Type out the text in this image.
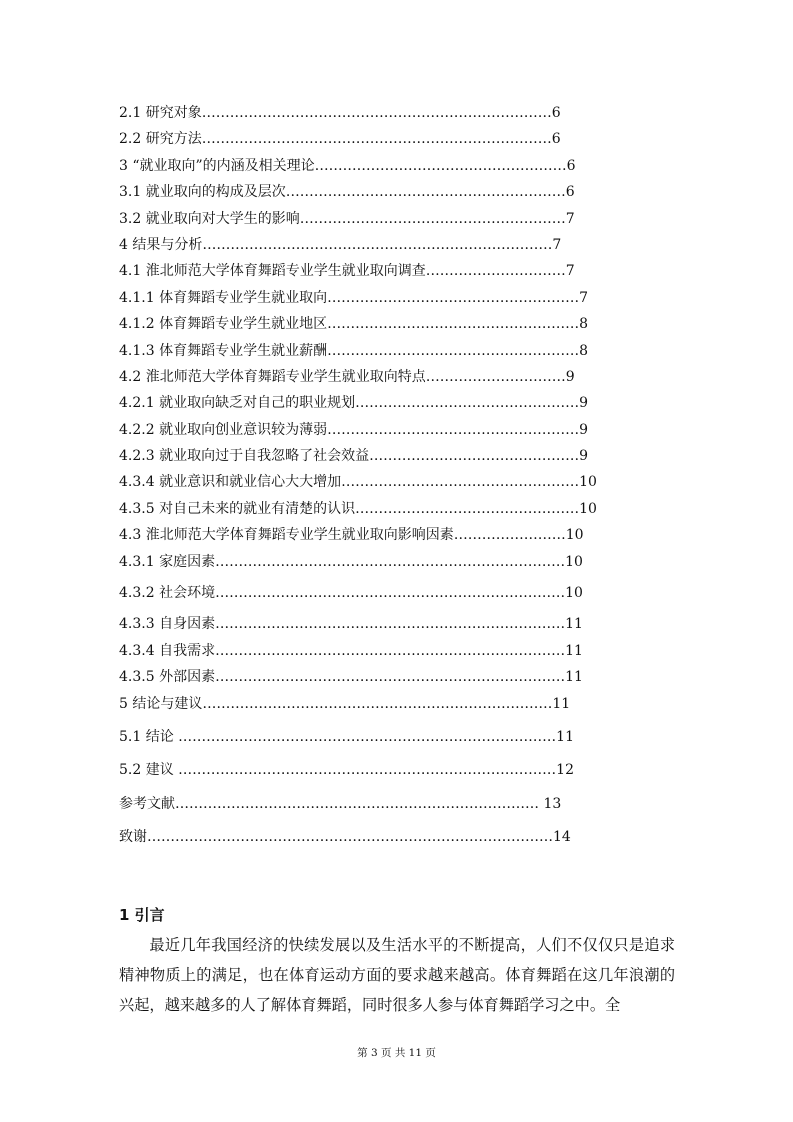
2.1 研究对象…………………………………………………………………6
2.2 研究方法…………………………………………………………………6
3 “就业取向”的内涵及相关理论………………………………………………6
3.1 就业取向的构成及层次……………………………………………………6
3.2 就业取向对大学生的影响…………………………………………………7
4 结果与分析…………………………………………………………………7
4.1 淮北师范大学体育舞蹈专业学生就业取向调查…………………………7
4.1.1 体育舞蹈专业学生就业取向………………………………………………7
4.1.2 体育舞蹈专业学生就业地区………………………………………………8
4.1.3 体育舞蹈专业学生就业薪酬………………………………………………8
4.2 淮北师范大学体育舞蹈专业学生就业取向特点…………………………9
4.2.1 就业取向缺乏对自己的职业规划…………………………………………9
4.2.2 就业取向创业意识较为薄弱………………………………………………9
4.2.3 就业取向过于自我忽略了社会效益………………………………………9
4.3.4 就业意识和就业信心大大增加……………………………………………10
4.3.5 对自己未来的就业有清楚的认识…………………………………………10
4.3 淮北师范大学体育舞蹈专业学生就业取向影响因素……………………10
4.3.1 家庭因素…………………………………………………………………10
4.3.2 社会环境…………………………………………………………………10
4.3.3 自身因素…………………………………………………………………11
4.3.4 自我需求…………………………………………………………………11
4.3.5 外部因素…………………………………………………………………11
5 结论与建议…………………………………………………………………11
5.1 结论 ………………………………………………………………………11
5.2 建议 ………………………………………………………………………12
参考文献…………………………………………………………………… 13
致谢……………………………………………………………………………14
1 引言

最近几年我国经济的快续发展以及生活水平的不断提高，人们不仅仅只是追求精神物质上的满足，也在体育运动方面的要求越来越高。体育舞蹈在这几年浪潮的兴起，越来越多的人了解体育舞蹈，同时很多人参与体育舞蹈学习之中。全

第 3 页 共 11 页
